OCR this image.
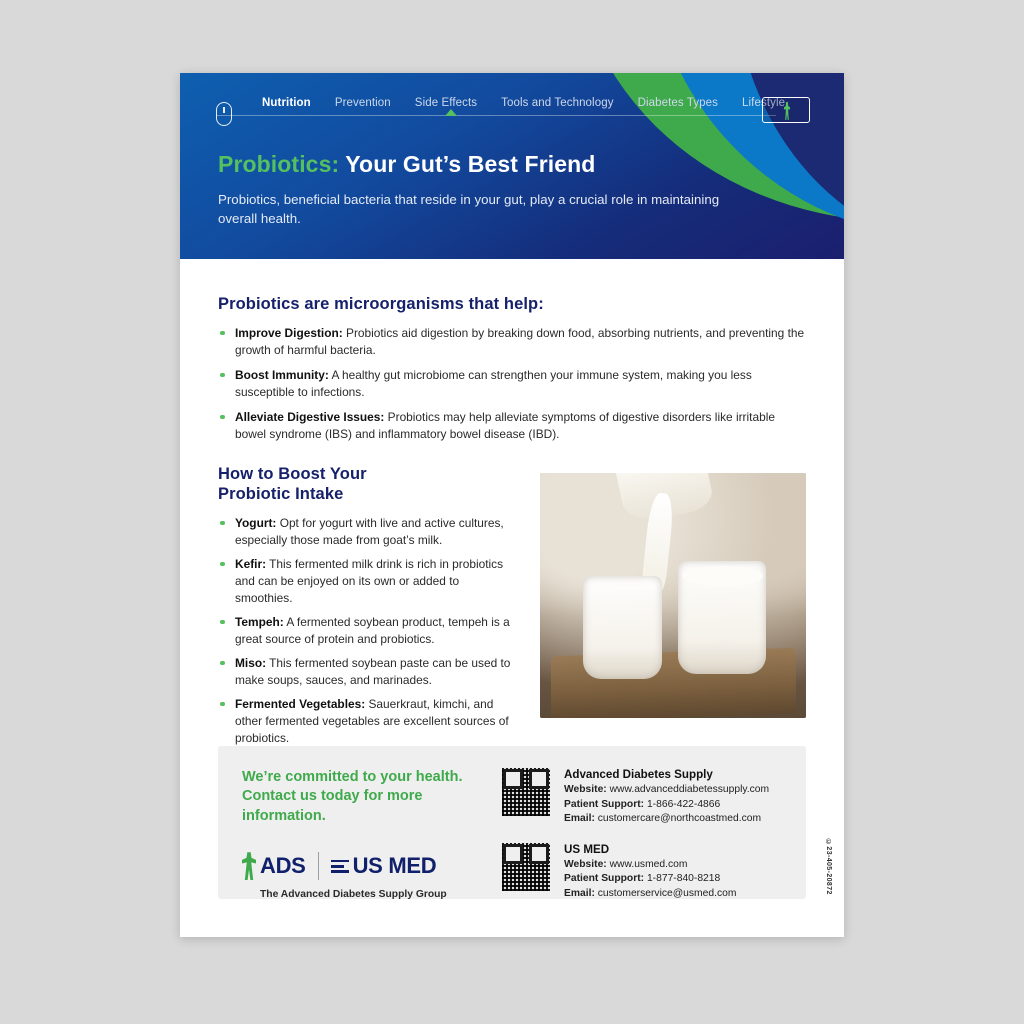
Nutrition Prevention Side Effects Tools and Technology Diabetes Types Lifestyle
Probiotics: Your Gut’s Best Friend
Probiotics, beneficial bacteria that reside in your gut, play a crucial role in maintaining overall health.
Probiotics are microorganisms that help:
Improve Digestion: Probiotics aid digestion by breaking down food, absorbing nutrients, and preventing the growth of harmful bacteria.
Boost Immunity: A healthy gut microbiome can strengthen your immune system, making you less susceptible to infections.
Alleviate Digestive Issues: Probiotics may help alleviate symptoms of digestive disorders like irritable bowel syndrome (IBS) and inflammatory bowel disease (IBD).
How to Boost Your
Probiotic Intake
Yogurt: Opt for yogurt with live and active cultures, especially those made from goat’s milk.
Kefir: This fermented milk drink is rich in probiotics and can be enjoyed on its own or added to smoothies.
Tempeh: A fermented soybean product, tempeh is a great source of protein and probiotics.
Miso: This fermented soybean paste can be used to make soups, sauces, and marinades.
Fermented Vegetables: Sauerkraut, kimchi, and other fermented vegetables are excellent sources of probiotics.
We’re committed to your health. Contact us today for more information.
ADS US MED
The Advanced Diabetes Supply Group
Advanced Diabetes Supply
Website: www.advanceddiabetessupply.com
Patient Support: 1-866-422-4866
Email: customercare@northcoastmed.com
US MED
Website: www.usmed.com
Patient Support: 1-877-840-8218
Email: customerservice@usmed.com	©23-405-20872
